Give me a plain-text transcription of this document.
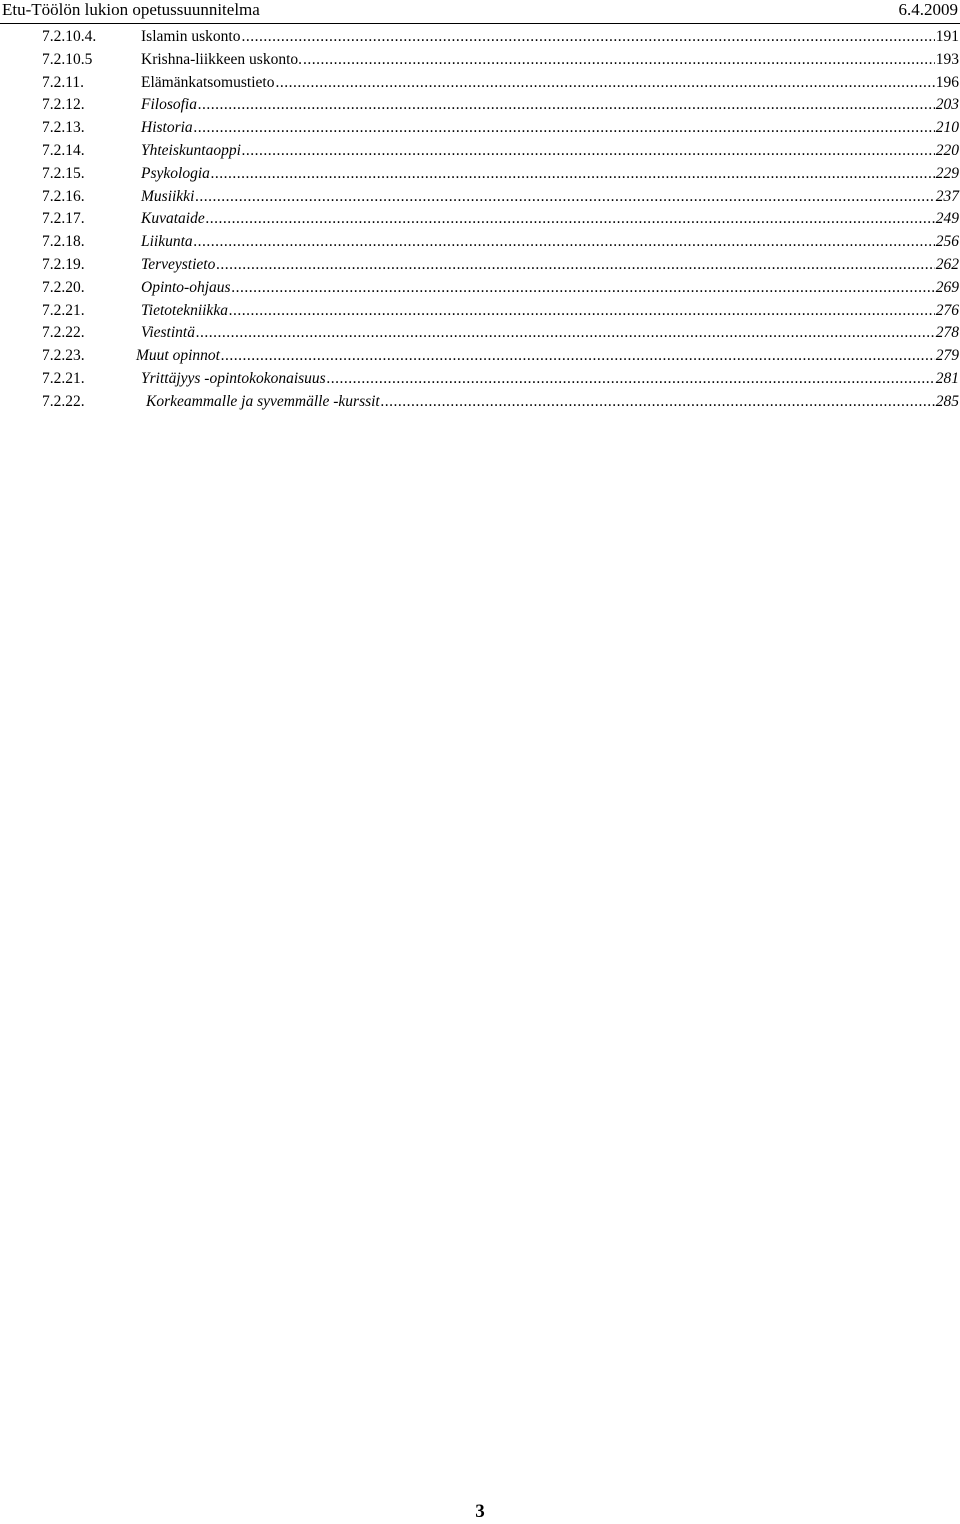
Etu-Töölön lukion opetussuunnitelma	6.4.2009
7.2.10.4.	Islamin uskonto .....	191
7.2.10.5	Krishna-liikkeen uskonto. .....	193
7.2.11.	Elämänkatsomustieto .....	196
7.2.12.	Filosofia .....	203
7.2.13.	Historia .....	210
7.2.14.	Yhteiskuntaoppi .....	220
7.2.15.	Psykologia .....	229
7.2.16.	Musiikki .....	237
7.2.17.	Kuvataide .....	249
7.2.18.	Liikunta .....	256
7.2.19.	Terveystieto .....	262
7.2.20.	Opinto-ohjaus .....	269
7.2.21.	Tietotekniikka .....	276
7.2.22.	Viestintä .....	278
7.2.23.	Muut opinnot .....	279
7.2.21.	Yrittäjyys -opintokokonaisuus .....	281
7.2.22.	Korkeammalle ja syvemmälle -kurssit .....	285
3
